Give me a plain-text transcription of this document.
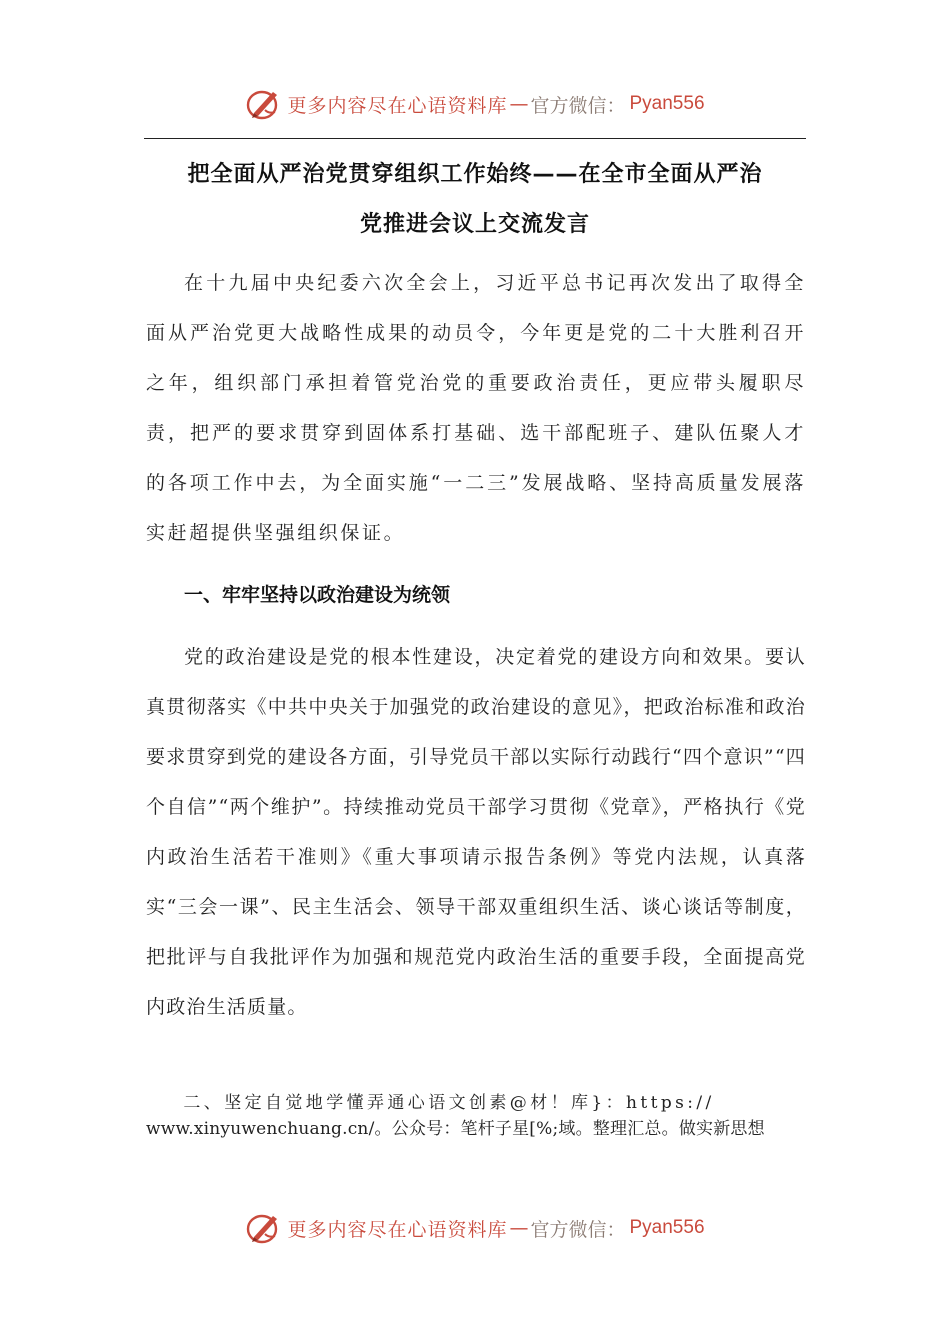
更多内容尽在心语资料库 — 官方微信： Pyan556
把全面从严治党贯穿组织工作始终——在全市全面从严治
党推进会议上交流发言

在十九届中央纪委六次全会上，习近平总书记再次发出了取得全面从严治党更大战略性成果的动员令，今年更是党的二十大胜利召开之年，组织部门承担着管党治党的重要政治责任，更应带头履职尽责，把严的要求贯穿到固体系打基础、选干部配班子、建队伍聚人才的各项工作中去，为全面实施“一二三”发展战略、坚持高质量发展落实赶超提供坚强组织保证。

一、牢牢坚持以政治建设为统领

党的政治建设是党的根本性建设，决定着党的建设方向和效果。要认真贯彻落实《中共中央关于加强党的政治建设的意见》，把政治标准和政治要求贯穿到党的建设各方面，引导党员干部以实际行动践行“四个意识”“四个自信”“两个维护”。持续推动党员干部学习贯彻《党章》，严格执行《党内政治生活若干准则》《重大事项请示报告条例》等党内法规，认真落实“三会一课”、民主生活会、领导干部双重组织生活、谈心谈话等制度，把批评与自我批评作为加强和规范党内政治生活的重要手段，全面提高党内政治生活质量。

二、坚定自觉地学懂弄通心语文创素@材！库}：https://
www.xinyuwenchuang.cn/。公众号：笔杆子星[%;域。整理汇总。做实新思想
更多内容尽在心语资料库 — 官方微信： Pyan556
